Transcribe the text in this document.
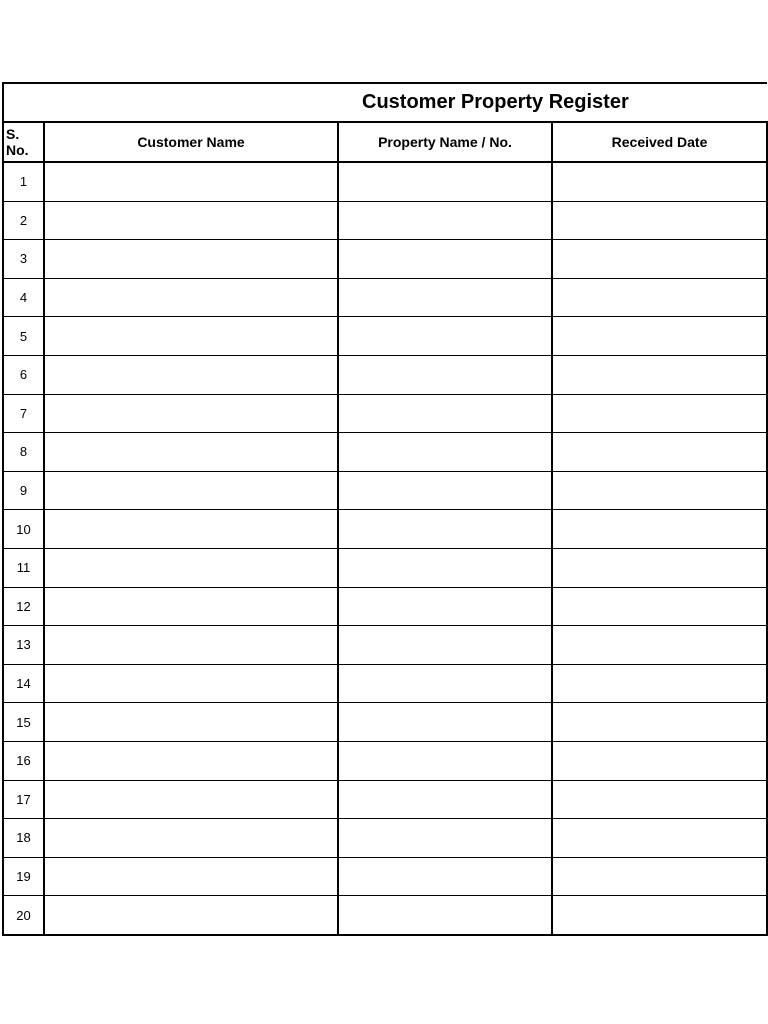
Customer Property Register			

S. No.	Customer Name	Property Name / No.	Received Date
1			
2			
3			
4			
5			
6			
7			
8			
9			
10			
11			
12			
13			
14			
15			
16			
17			
18			
19			
20			
